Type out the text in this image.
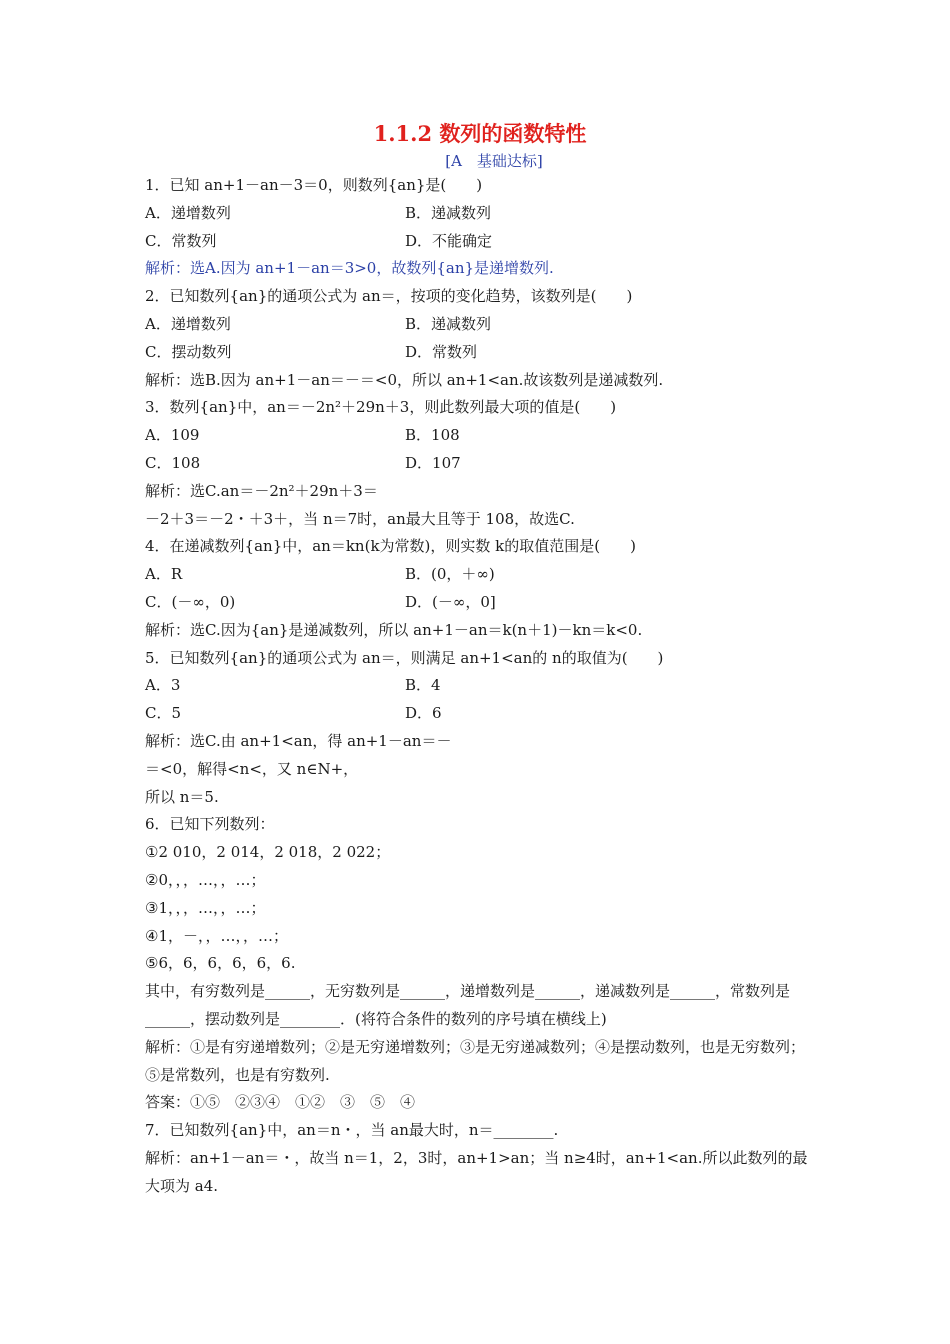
1.1.2 数列的函数特性
[A　基础达标]
1．已知 an+1－an－3＝0，则数列{an}是(　　)
A．递增数列	B．递减数列
C．常数列	D．不能确定
解析：选A.因为 an+1－an＝3>0，故数列{an}是递增数列.
2．已知数列{an}的通项公式为 an＝，按项的变化趋势，该数列是(　　)
A．递增数列	B．递减数列
C．摆动数列	D．常数列
解析：选B.因为 an+1－an＝－＝<0，所以 an+1<an.故该数列是递减数列.
3．数列{an}中，an＝－2n²＋29n＋3，则此数列最大项的值是(　　)
A．109	B．108
C．108	D．107
解析：选C.an＝－2n²＋29n＋3＝
－2＋3＝－2・＋3＋，当 n＝7时，an最大且等于 108，故选C.
4．在递减数列{an}中，an＝kn(k为常数)，则实数 k的取值范围是(　　)
A．R	B．(0，＋∞)
C．(－∞，0)	D．(－∞，0]
解析：选C.因为{an}是递减数列，所以 an+1－an＝k(n＋1)－kn＝k<0.
5．已知数列{an}的通项公式为 an＝，则满足 an+1<an的 n的取值为(　　)
A．3	B．4
C．5	D．6
解析：选C.由 an+1<an，得 an+1－an＝－
＝<0，解得<n<，又 n∈N+，
所以 n＝5.
6．已知下列数列：
①2 010，2 014，2 018，2 022；
②0，，，…，，…；
③1，，，…，，…；
④1，－，，…，，…；
⑤6，6，6，6，6，6.
其中，有穷数列是______，无穷数列是______，递增数列是______，递减数列是______，常数列是______，摆动数列是________．(将符合条件的数列的序号填在横线上)
解析：①是有穷递增数列；②是无穷递增数列；③是无穷递减数列；④是摆动数列，也是无穷数列；⑤是常数列，也是有穷数列.
答案：①⑤　②③④　①②　③　⑤　④
7．已知数列{an}中，an＝n・，当 an最大时，n＝________.
解析：an+1－an＝・，故当 n＝1，2，3时，an+1>an；当 n≥4时，an+1<an.所以此数列的最大项为 a4.
